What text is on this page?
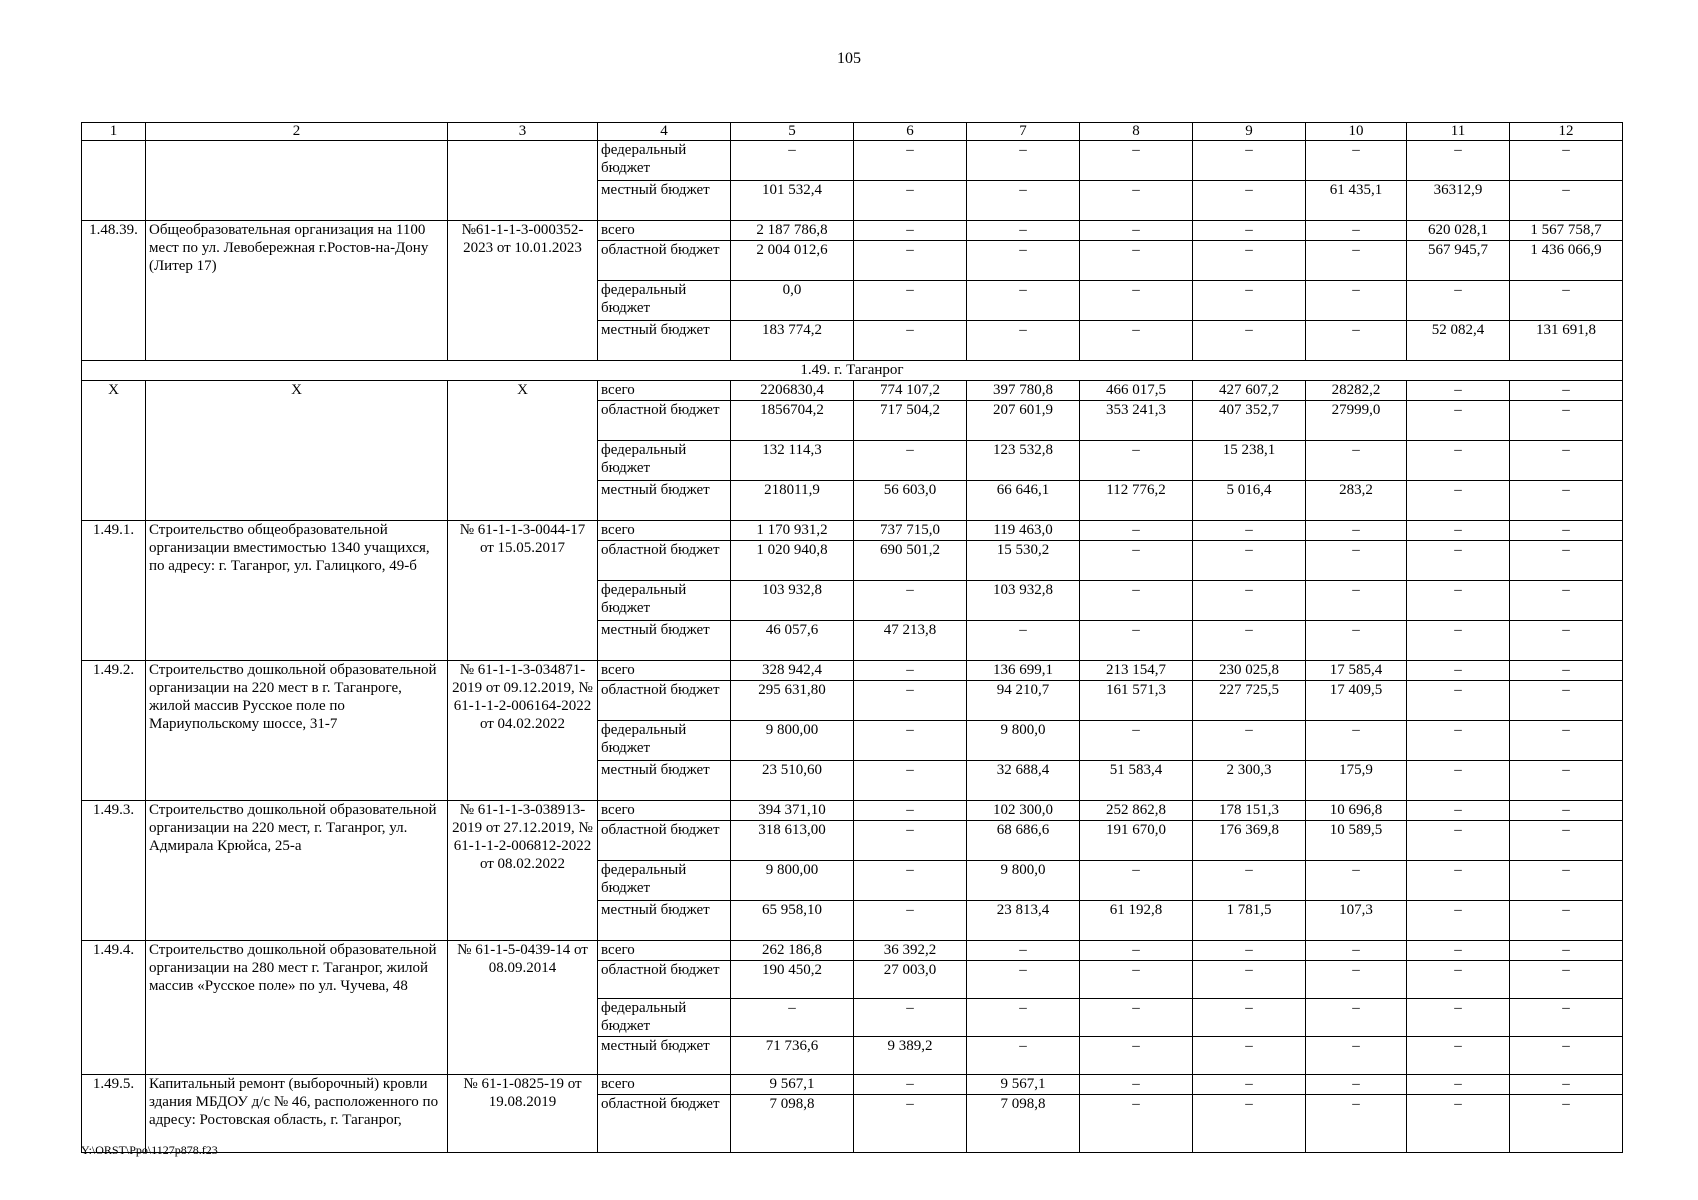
105
1	2	3	4	5	6	7	8	9	10	11	12
			федеральный бюджет	–	–	–	–	–	–	–	–
			местный бюджет	101 532,4	–	–	–	–	61 435,1	36312,9	–
1.48.39.	Общеобразовательная организация на 1100 мест по ул. Левобережная г.Ростов-на-Дону (Литер 17)	№61-1-1-3-000352-2023 от 10.01.2023	всего	2 187 786,8	–	–	–	–	–	620 028,1	1 567 758,7
			областной бюджет	2 004 012,6	–	–	–	–	–	567 945,7	1 436 066,9
			федеральный бюджет	0,0	–	–	–	–	–	–	–
			местный бюджет	183 774,2	–	–	–	–	–	52 082,4	131 691,8
1.49. г. Таганрог											
Х	Х	Х	всего	2206830,4	774 107,2	397 780,8	466 017,5	427 607,2	28282,2	–	–
			областной бюджет	1856704,2	717 504,2	207 601,9	353 241,3	407 352,7	27999,0	–	–
			федеральный бюджет	132 114,3	–	123 532,8	–	15 238,1	–	–	–
			местный бюджет	218011,9	56 603,0	66 646,1	112 776,2	5 016,4	283,2	–	–
1.49.1.	Строительство общеобразовательной организации вместимостью 1340 учащихся, по адресу: г. Таганрог, ул. Галицкого, 49-б	№ 61-1-1-3-0044-17 от 15.05.2017	всего	1 170 931,2	737 715,0	119 463,0	–	–	–	–	–
			областной бюджет	1 020 940,8	690 501,2	15 530,2	–	–	–	–	–
			федеральный бюджет	103 932,8	–	103 932,8	–	–	–	–	–
			местный бюджет	46 057,6	47 213,8	–	–	–	–	–	–
1.49.2.	Строительство дошкольной образовательной организации на 220 мест в г. Таганроге, жилой массив Русское поле по Мариупольскому шоссе, 31-7	№ 61-1-1-3-034871-2019 от 09.12.2019, № 61-1-1-2-006164-2022 от 04.02.2022	всего	328 942,4	–	136 699,1	213 154,7	230 025,8	17 585,4	–	–
			областной бюджет	295 631,80	–	94 210,7	161 571,3	227 725,5	17 409,5	–	–
			федеральный бюджет	9 800,00	–	9 800,0	–	–	–	–	–
			местный бюджет	23 510,60	–	32 688,4	51 583,4	2 300,3	175,9	–	–
1.49.3.	Строительство дошкольной образовательной организации на 220 мест, г. Таганрог, ул. Адмирала Крюйса, 25-а	№ 61-1-1-3-038913-2019 от 27.12.2019, № 61-1-1-2-006812-2022 от 08.02.2022	всего	394 371,10	–	102 300,0	252 862,8	178 151,3	10 696,8	–	–
			областной бюджет	318 613,00	–	68 686,6	191 670,0	176 369,8	10 589,5	–	–
			федеральный бюджет	9 800,00	–	9 800,0	–	–	–	–	–
			местный бюджет	65 958,10	–	23 813,4	61 192,8	1 781,5	107,3	–	–
1.49.4.	Строительство дошкольной образовательной организации на 280 мест г. Таганрог, жилой массив «Русское поле» по ул. Чучева, 48	№ 61-1-5-0439-14 от 08.09.2014	всего	262 186,8	36 392,2	–	–	–	–	–	–
			областной бюджет	190 450,2	27 003,0	–	–	–	–	–	–
			федеральный бюджет	–	–	–	–	–	–	–	–
			местный бюджет	71 736,6	9 389,2	–	–	–	–	–	–
1.49.5.	Капитальный ремонт (выборочный) кровли здания МБДОУ д/с № 46, расположенного по адресу: Ростовская область, г. Таганрог,	№ 61-1-0825-19 от 19.08.2019	всего	9 567,1	–	9 567,1	–	–	–	–	–
			областной бюджет	7 098,8	–	7 098,8	–	–	–	–	–
Y:\ORST\Ppo\1127p878.f23
